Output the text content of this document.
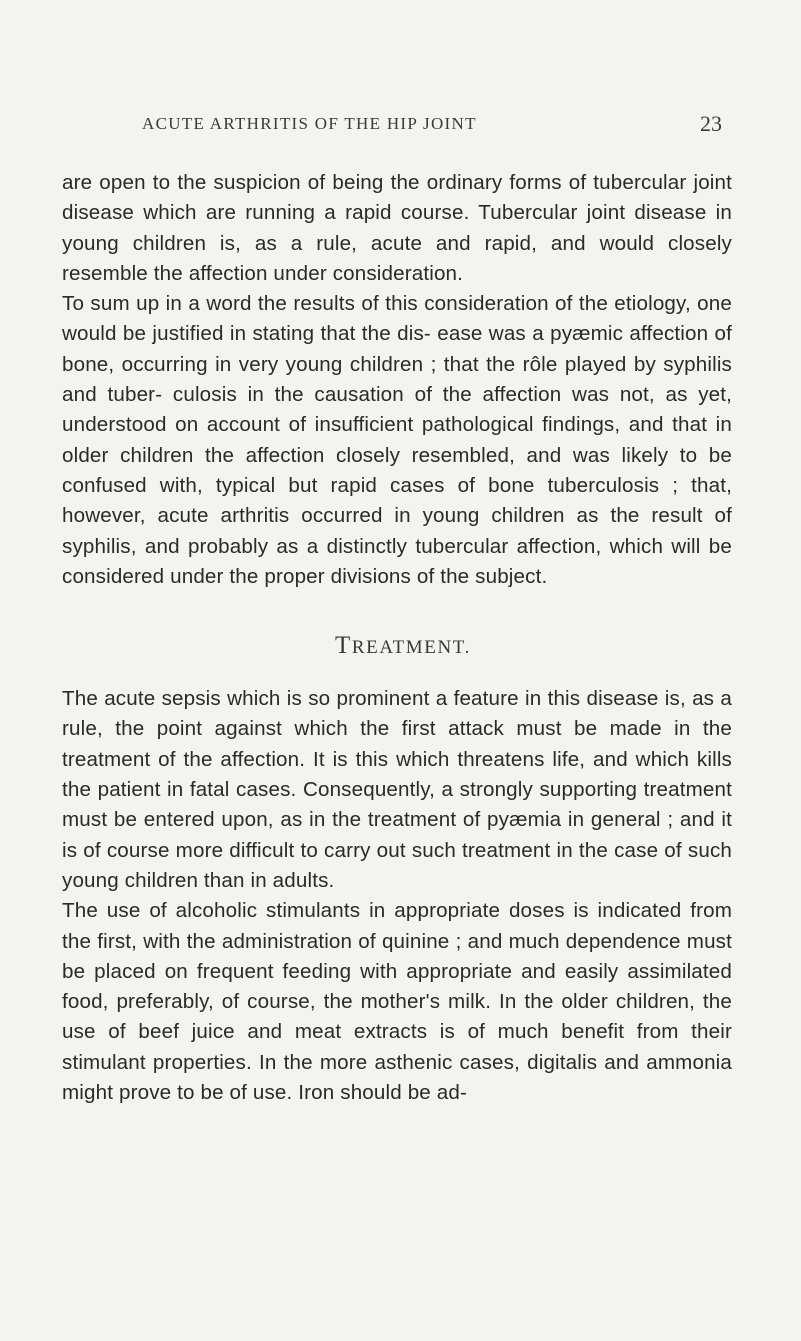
ACUTE ARTHRITIS OF THE HIP JOINT	23

are open to the suspicion of being the ordinary forms of tubercular joint disease which are running a rapid course. Tubercular joint disease in young children is, as a rule, acute and rapid, and would closely resemble the affection under consideration.

To sum up in a word the results of this consideration of the etiology, one would be justified in stating that the dis- ease was a pyæmic affection of bone, occurring in very young children ; that the rôle played by syphilis and tuber- culosis in the causation of the affection was not, as yet, understood on account of insufficient pathological findings, and that in older children the affection closely resembled, and was likely to be confused with, typical but rapid cases of bone tuberculosis ; that, however, acute arthritis occurred in young children as the result of syphilis, and probably as a distinctly tubercular affection, which will be considered under the proper divisions of the subject.

TREATMENT.

The acute sepsis which is so prominent a feature in this disease is, as a rule, the point against which the first attack must be made in the treatment of the affection. It is this which threatens life, and which kills the patient in fatal cases. Consequently, a strongly supporting treatment must be entered upon, as in the treatment of pyæmia in general ; and it is of course more difficult to carry out such treatment in the case of such young children than in adults.

The use of alcoholic stimulants in appropriate doses is indicated from the first, with the administration of quinine ; and much dependence must be placed on frequent feeding with appropriate and easily assimilated food, preferably, of course, the mother's milk. In the older children, the use of beef juice and meat extracts is of much benefit from their stimulant properties. In the more asthenic cases, digitalis and ammonia might prove to be of use. Iron should be ad-
